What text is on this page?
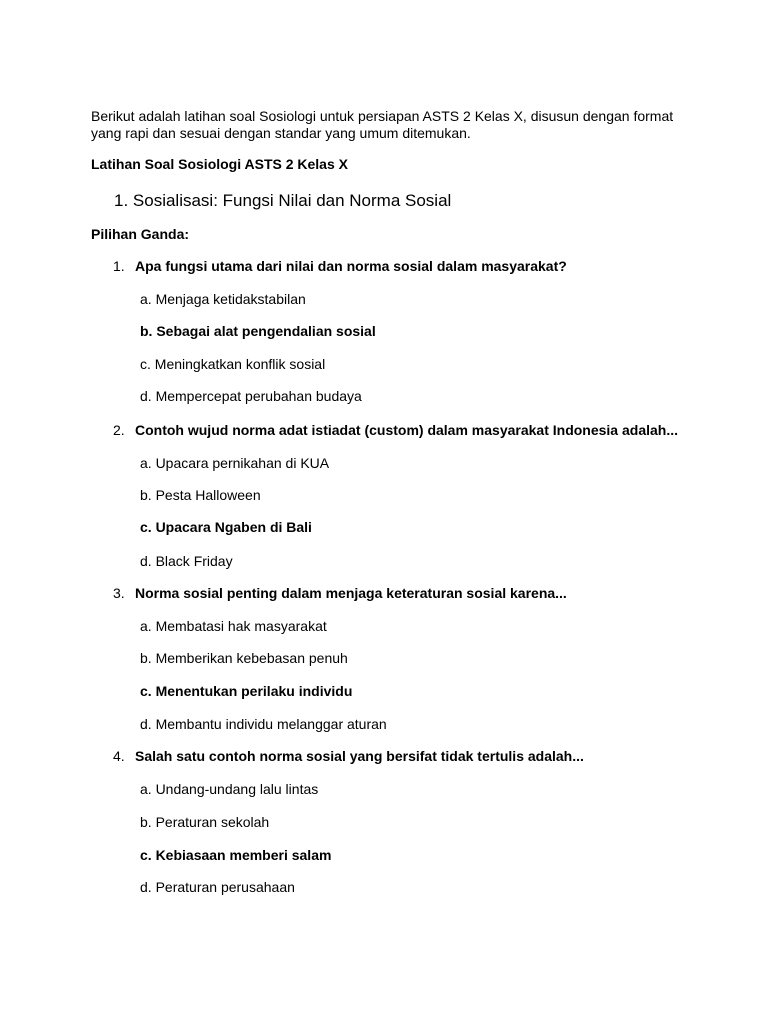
Berikut adalah latihan soal Sosiologi untuk persiapan ASTS 2 Kelas X, disusun dengan format yang rapi dan sesuai dengan standar yang umum ditemukan.

Latihan Soal Sosiologi ASTS 2 Kelas X

1. Sosialisasi: Fungsi Nilai dan Norma Sosial

Pilihan Ganda:

1. Apa fungsi utama dari nilai dan norma sosial dalam masyarakat?

a. Menjaga ketidakstabilan

b. Sebagai alat pengendalian sosial

c. Meningkatkan konflik sosial

d. Mempercepat perubahan budaya

2. Contoh wujud norma adat istiadat (custom) dalam masyarakat Indonesia adalah...

a. Upacara pernikahan di KUA

b. Pesta Halloween

c. Upacara Ngaben di Bali

d. Black Friday

3. Norma sosial penting dalam menjaga keteraturan sosial karena...

a. Membatasi hak masyarakat

b. Memberikan kebebasan penuh

c. Menentukan perilaku individu

d. Membantu individu melanggar aturan

4. Salah satu contoh norma sosial yang bersifat tidak tertulis adalah...

a. Undang-undang lalu lintas

b. Peraturan sekolah

c. Kebiasaan memberi salam

d. Peraturan perusahaan
